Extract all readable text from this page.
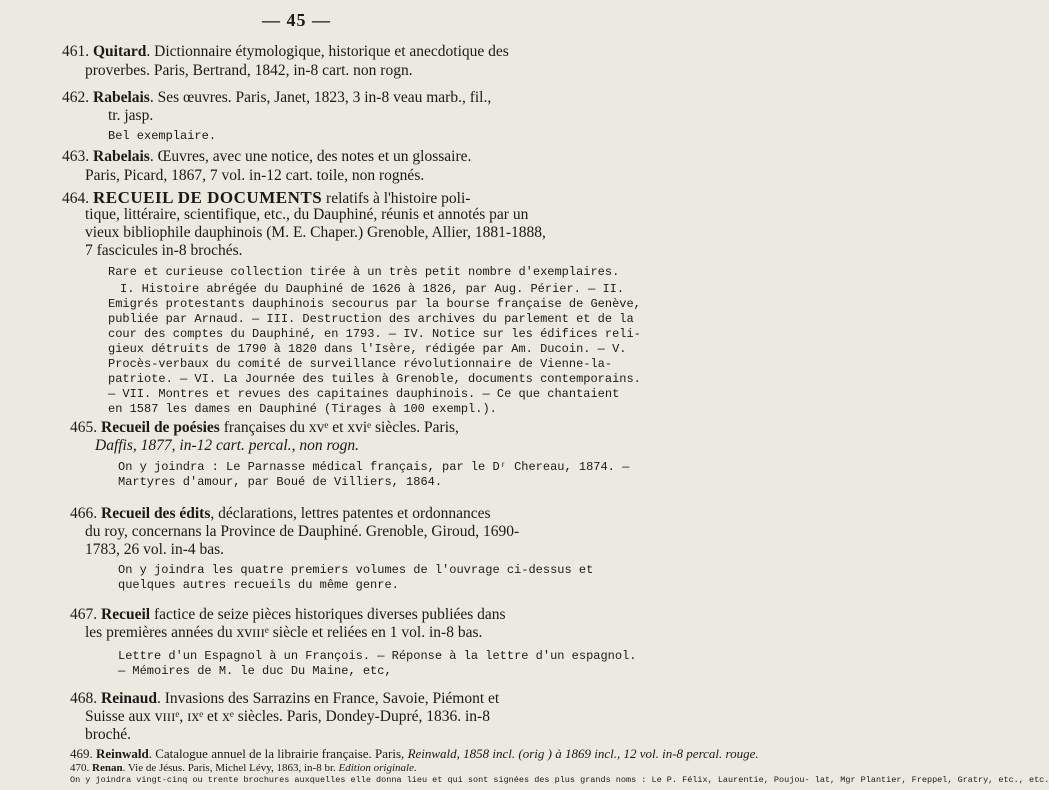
— 45 —
461. Quitard. Dictionnaire étymologique, historique et anecdotique des
proverbes. Paris, Bertrand, 1842, in-8 cart. non rogn.
462. Rabelais. Ses œuvres. Paris, Janet, 1823, 3 in-8 veau marb., fil.,
tr. jasp.
Bel exemplaire.
463. Rabelais. Œuvres, avec une notice, des notes et un glossaire.
Paris, Picard, 1867, 7 vol. in-12 cart. toile, non rognés.
464. RECUEIL DE DOCUMENTS relatifs à l'histoire poli-
tique, littéraire, scientifique, etc., du Dauphiné, réunis et annotés par un
vieux bibliophile dauphinois (M. E. Chaper.) Grenoble, Allier, 1881-1888,
7 fascicules in-8 brochés.
Rare et curieuse collection tirée à un très petit nombre d'exemplaires.
I. Histoire abrégée du Dauphiné de 1626 à 1826, par Aug. Périer. — II.
Emigrés protestants dauphinois secourus par la bourse française de Genève,
publiée par Arnaud. — III. Destruction des archives du parlement et de la
cour des comptes du Dauphiné, en 1793. — IV. Notice sur les édifices reli-
gieux détruits de 1790 à 1820 dans l'Isère, rédigée par Am. Ducoin. — V.
Procès-verbaux du comité de surveillance révolutionnaire de Vienne-la-
patriote. — VI. La Journée des tuiles à Grenoble, documents contemporains.
— VII. Montres et revues des capitaines dauphinois. — Ce que chantaient
en 1587 les dames en Dauphiné (Tirages à 100 exempl.).
465. Recueil de poésies françaises du xvᵉ et xviᵉ siècles. Paris,
Daffis, 1877, in-12 cart. percal., non rogn.
On y joindra : Le Parnasse médical français, par le Dʳ Chereau, 1874. —
Martyres d'amour, par Boué de Villiers, 1864.
466. Recueil des édits, déclarations, lettres patentes et ordonnances
du roy, concernans la Province de Dauphiné. Grenoble, Giroud, 1690-
1783, 26 vol. in-4 bas.
On y joindra les quatre premiers volumes de l'ouvrage ci-dessus et
quelques autres recueils du même genre.
467. Recueil factice de seize pièces historiques diverses publiées dans
les premières années du xvɪɪɪᵉ siècle et reliées en 1 vol. in-8 bas.
Lettre d'un Espagnol à un François. — Réponse à la lettre d'un espagnol.
— Mémoires de M. le duc Du Maine, etc,
468. Reinaud. Invasions des Sarrazins en France, Savoie, Piémont et
Suisse aux vɪɪɪᵉ, ɪxᵉ et xᵉ siècles. Paris, Dondey-Dupré, 1836. in-8
broché.
469. Reinwald. Catalogue annuel de la librairie française. Paris, Reinwald, 1858 incl. (orig ) à 1869 incl., 12 vol. in-8 percal. rouge.
470. Renan. Vie de Jésus. Paris, Michel Lévy, 1863, in-8 br. Edition originale.
On y joindra vingt-cinq ou trente brochures auxquelles elle donna lieu et qui sont signées des plus grands noms : Le P. Félix, Laurentie, Poujou- lat, Mgr Plantier, Freppel, Gratry, etc., etc.
